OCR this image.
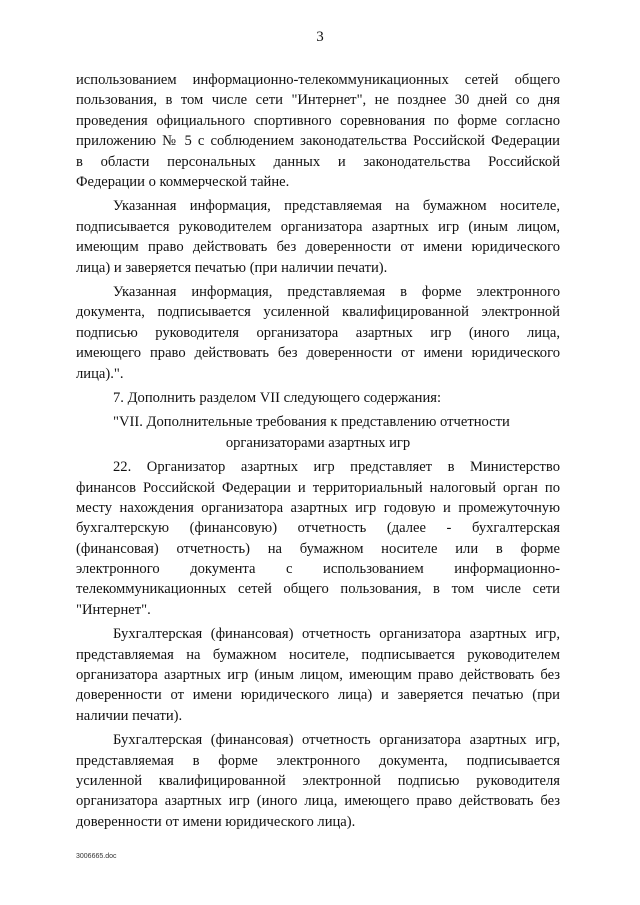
3
использованием информационно-телекоммуникационных сетей общего
пользования, в том числе сети "Интернет", не позднее 30 дней со дня
проведения официального спортивного соревнования по форме согласно
приложению № 5 с соблюдением законодательства Российской Федерации
в области персональных данных и законодательства Российской
Федерации о коммерческой тайне.
Указанная информация, представляемая на бумажном носителе,
подписывается руководителем организатора азартных игр (иным лицом,
имеющим право действовать без доверенности от имени юридического
лица) и заверяется печатью (при наличии печати).
Указанная информация, представляемая в форме электронного
документа, подписывается усиленной квалифицированной электронной
подписью руководителя организатора азартных игр (иного лица,
имеющего право действовать без доверенности от имени юридического
лица).".
7. Дополнить разделом VII следующего содержания:
"VII. Дополнительные требования к представлению отчетности
организаторами азартных игр
22. Организатор азартных игр представляет в Министерство
финансов Российской Федерации и территориальный налоговый орган по
месту нахождения организатора азартных игр годовую и промежуточную
бухгалтерскую (финансовую) отчетность (далее - бухгалтерская
(финансовая) отчетность) на бумажном носителе или в форме
электронного документа с использованием информационно-
телекоммуникационных сетей общего пользования, в том числе сети
"Интернет".
Бухгалтерская (финансовая) отчетность организатора азартных игр,
представляемая на бумажном носителе, подписывается руководителем
организатора азартных игр (иным лицом, имеющим право действовать без
доверенности от имени юридического лица) и заверяется печатью (при
наличии печати).
Бухгалтерская (финансовая) отчетность организатора азартных игр,
представляемая в форме электронного документа, подписывается
усиленной квалифицированной электронной подписью руководителя
организатора азартных игр (иного лица, имеющего право действовать без
доверенности от имени юридического лица).
3006665.doc
